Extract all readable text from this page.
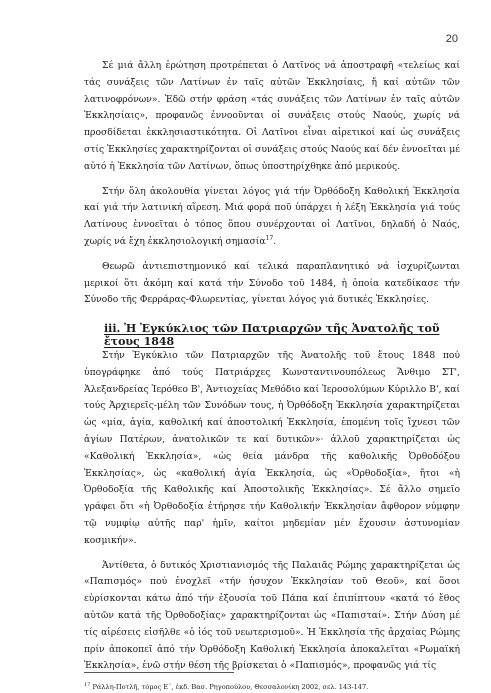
20

Σέ μιά ἄλλη ἐρώτηση προτρέπεται ὁ Λατῖνος νά ἀποστραφῆ «τελείως καί τάς συνάξεις τῶν Λατίνων ἐν ταῖς αὐτῶν Ἐκκλησίαις, ἤ καί αὐτῶν τῶν λατινοφρόνων». Ἐδῶ στήν φράση «τάς συνάξεις τῶν Λατίνων ἐν ταῖς αὐτῶν Ἐκκλησίαις», προφανῶς ἐννοοῦνται οἱ συνάξεις στούς Ναούς, χωρίς νά προσδίδεται ἐκκλησιαστικότητα. Οἱ Λατῖνοι εἶναι αἱρετικοί καί ὡς συνάξεις στίς Ἐκκλησίες χαρακτηρίζονται οἱ συνάξεις στούς Ναούς καί δέν ἐννοεῖται μέ αὐτό ἡ Ἐκκλησία τῶν Λατίνων, ὅπως ὑποστηρίχθηκε ἀπό μερικούς.

Στήν ὅλη ἀκολουθία γίνεται λόγος γιά τήν Ὀρθόδοξη Καθολική Ἐκκλησία καί γιά τήν λατινική αἵρεση. Μιά φορά ποῦ ὑπάρχει ἡ λέξη Ἐκκλησία γιά τούς Λατίνους ἐννοεῖται ὁ τόπος ὅπου συνέρχονται οἱ Λατῖνοι, δηλαδή ὁ Ναός, χωρίς νά ἔχη ἐκκλησιολογική σημασία$^{17}$.

Θεωρῶ ἀντιεπιστημονικό καί τελικά παραπλανητικό νά ἰσχυρίζωνται μερικοί ὅτι ἀκόμη καί κατά τήν Σύνοδο τοῦ 1484, ἡ ὁποία κατεδίκασε τήν Σύνοδο τῆς Φερράρας-Φλωρεντίας, γίνεται λόγος γιά δυτικές Ἐκκλησίες.

iii. Ἡ Ἐγκύκλιος τῶν Πατριαρχῶν τῆς Ἀνατολῆς τοῦ ἔτους 1848

Στήν Ἐγκύκλιο τῶν Πατριαρχῶν τῆς Ἀνατολῆς τοῦ ἔτους 1848 πού ὑπογράφηκε ἀπό τούς Πατριάρχες Κωνσταντινουπόλεως Ἄνθιμο ΣΤ', Ἀλεξανδρείας Ἱερόθεο Β', Ἀντιοχείας Μεθόδιο καί Ἱεροσολύμων Κύριλλο Β', καί τούς Ἀρχιερεῖς-μέλη τῶν Συνόδων τους, ἡ Ὀρθόδοξη Ἐκκλησία χαρακτηρίζεται ὡς «μία, ἁγία, καθολική καί ἀποστολική Ἐκκλησία, ἑπομένη τοῖς ἴχνεσι τῶν ἁγίων Πατέρων, ἀνατολικῶν τε καί δυτικῶν»· ἀλλοῦ χαρακτηρίζεται ὡς «Καθολική Ἐκκλησία», «ὡς θεία μάνδρα τῆς καθολικῆς Ὀρθοδόξου Ἐκκλησίας», ὡς «καθολική ἁγία Ἐκκλησία, ὡς «Ὀρθοδοξία», ἤτοι «ἡ Ὀρθοδοξία τῆς Καθολικῆς καί Ἀποστολικῆς Ἐκκλησίας». Σέ ἄλλο σημεῖο γράφει ὅτι «ἡ Ὀρθοδοξία ἐτήρησε τήν Καθολικήν Ἐκκλησίαν ἄφθορον νύμφην τῷ νυμφίῳ αὐτῆς παρ' ἡμῖν, καίτοι μηδεμίαν μέν ἔχουσιν ἀστυνομίαν κοσμικήν».

Ἀντίθετα, ὁ δυτικός Χριστιανισμός τῆς Παλαιᾶς Ρώμης χαρακτηρίζεται ὡς «Παπισμός» πού ἐνοχλεῖ «τήν ἡσυχον Ἐκκλησίαν τοῦ Θεοῦ», καί ὅσοι εὑρίσκονται κάτω ἀπό τήν ἐξουσία τοῦ Πάπα καί ἐπιπίπτουν «κατά τό ἔθος αὐτῶν κατά τῆς Ὀρθοδοξίας» χαρακτηρίζονται ὡς «Παπισταί». Στήν Δύση μέ τίς αἱρέσεις εἰσῆλθε «ὁ ἰός τοῦ νεωτερισμοῦ». Ἡ Ἐκκλησία τῆς ἀρχαίας Ρώμης πρίν ἀποκοπεῖ ἀπό τήν Ὀρθόδοξη Καθολική Ἐκκλησία ἀποκαλεῖται «Ρωμαϊκή Ἐκκλησία», ἐνῶ στήν θέση τῆς βρίσκεται ὁ «Παπισμός», προφανῶς γιά τίς

$^{17}$ Ράλλη-Ποτλῆ, τόμος Ε΄, ἐκδ. Βασ. Ρηγοπούλου, Θεσσαλονίκη 2002, σελ. 143-147.
